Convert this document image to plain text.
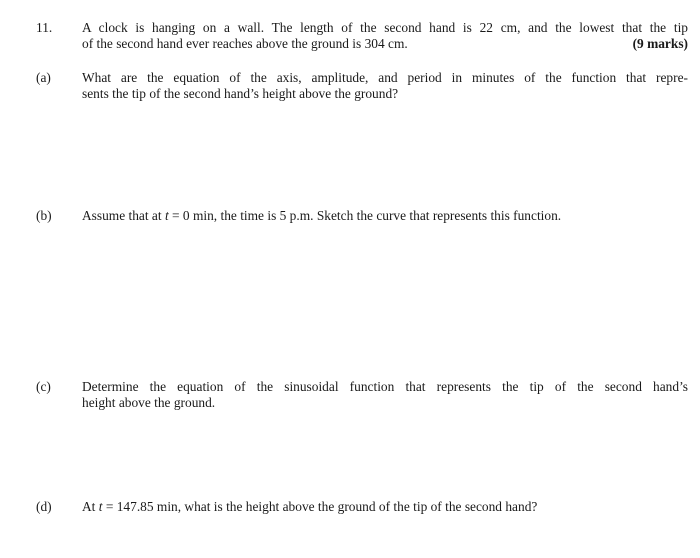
11. A clock is hanging on a wall. The length of the second hand is 22 cm, and the lowest that the tip
of the second hand ever reaches above the ground is 304 cm.	(9 marks)
(a) What are the equation of the axis, amplitude, and period in minutes of the function that repre-
sents the tip of the second hand’s height above the ground?
(b) Assume that at t = 0 min, the time is 5 p.m. Sketch the curve that represents this function.
(c) Determine the equation of the sinusoidal function that represents the tip of the second hand’s
height above the ground.
(d) At t = 147.85 min, what is the height above the ground of the tip of the second hand?
